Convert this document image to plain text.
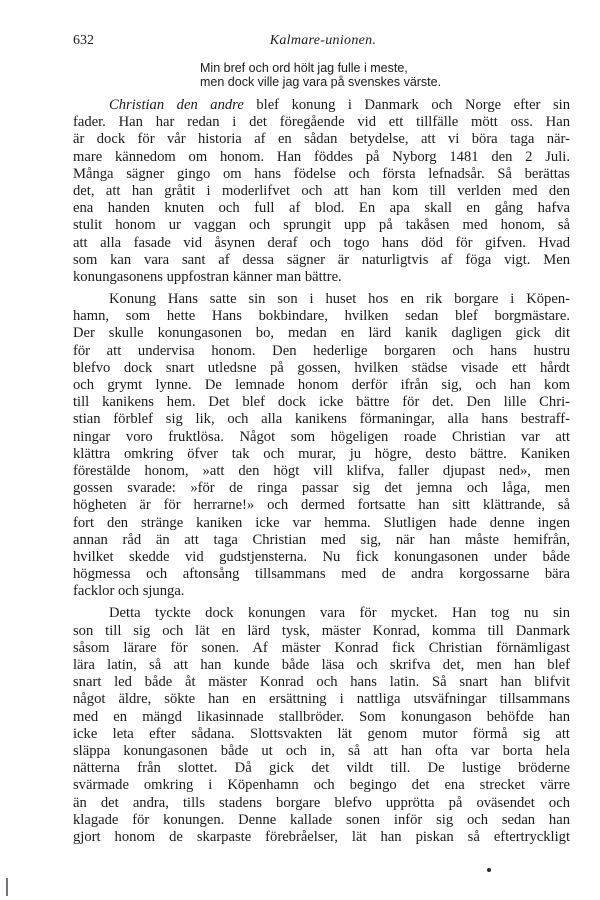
632	Kalmare-unionen.
Min bref och ord hölt jag fulle i meste,
men dock ville jag vara på svenskes värste.
Christian den andre blef konung i Danmark och Norge efter sin
fader. Han har redan i det föregående vid ett tillfälle mött oss. Han
är dock för vår historia af en sådan betydelse, att vi böra taga när-
mare kännedom om honom. Han föddes på Nyborg 1481 den 2 Juli.
Många sägner gingo om hans födelse och första lefnadsår. Så berättas
det, att han gråtit i moderlifvet och att han kom till verlden med den
ena handen knuten och full af blod. En apa skall en gång hafva
stulit honom ur vaggan och sprungit upp på takåsen med honom, så
att alla fasade vid åsynen deraf och togo hans död för gifven. Hvad
som kan vara sant af dessa sägner är naturligtvis af föga vigt. Men
konungasonens uppfostran känner man bättre.
Konung Hans satte sin son i huset hos en rik borgare i Köpen-
hamn, som hette Hans bokbindare, hvilken sedan blef borgmästare.
Der skulle konungasonen bo, medan en lärd kanik dagligen gick dit
för att undervisa honom. Den hederlige borgaren och hans hustru
blefvo dock snart utledsne på gossen, hvilken städse visade ett hårdt
och grymt lynne. De lemnade honom derför ifrån sig, och han kom
till kanikens hem. Det blef dock icke bättre för det. Den lille Chri-
stian förblef sig lik, och alla kanikens förmaningar, alla hans bestraff-
ningar voro fruktlösa. Något som högeligen roade Christian var att
klättra omkring öfver tak och murar, ju högre, desto bättre. Kaniken
förestälde honom, »att den högt vill klifva, faller djupast ned», men
gossen svarade: »för de ringa passar sig det jemna och låga, men
högheten är för herrarne!» och dermed fortsatte han sitt klättrande, så
fort den stränge kaniken icke var hemma. Slutligen hade denne ingen
annan råd än att taga Christian med sig, när han måste hemifrån,
hvilket skedde vid gudstjensterna. Nu fick konungasonen under både
högmessa och aftonsång tillsammans med de andra korgossarne bära
facklor och sjunga.
Detta tyckte dock konungen vara för mycket. Han tog nu sin
son till sig och lät en lärd tysk, mäster Konrad, komma till Danmark
såsom lärare för sonen. Af mäster Konrad fick Christian förnämligast
lära latin, så att han kunde både läsa och skrifva det, men han blef
snart led både åt mäster Konrad och hans latin. Så snart han blifvit
något äldre, sökte han en ersättning i nattliga utsväfningar tillsammans
med en mängd likasinnade stallbröder. Som konungason behöfde han
icke leta efter sådana. Slottsvakten lät genom mutor förmå sig att
släppa konungasonen både ut och in, så att han ofta var borta hela
nätterna från slottet. Då gick det vildt till. De lustige bröderne
svärmade omkring i Köpenhamn och begingo det ena strecket värre
än det andra, tills stadens borgare blefvo upprötta på oväsendet och
klagade för konungen. Denne kallade sonen inför sig och sedan han
gjort honom de skarpaste förebråelser, lät han piskan så eftertryckligt
